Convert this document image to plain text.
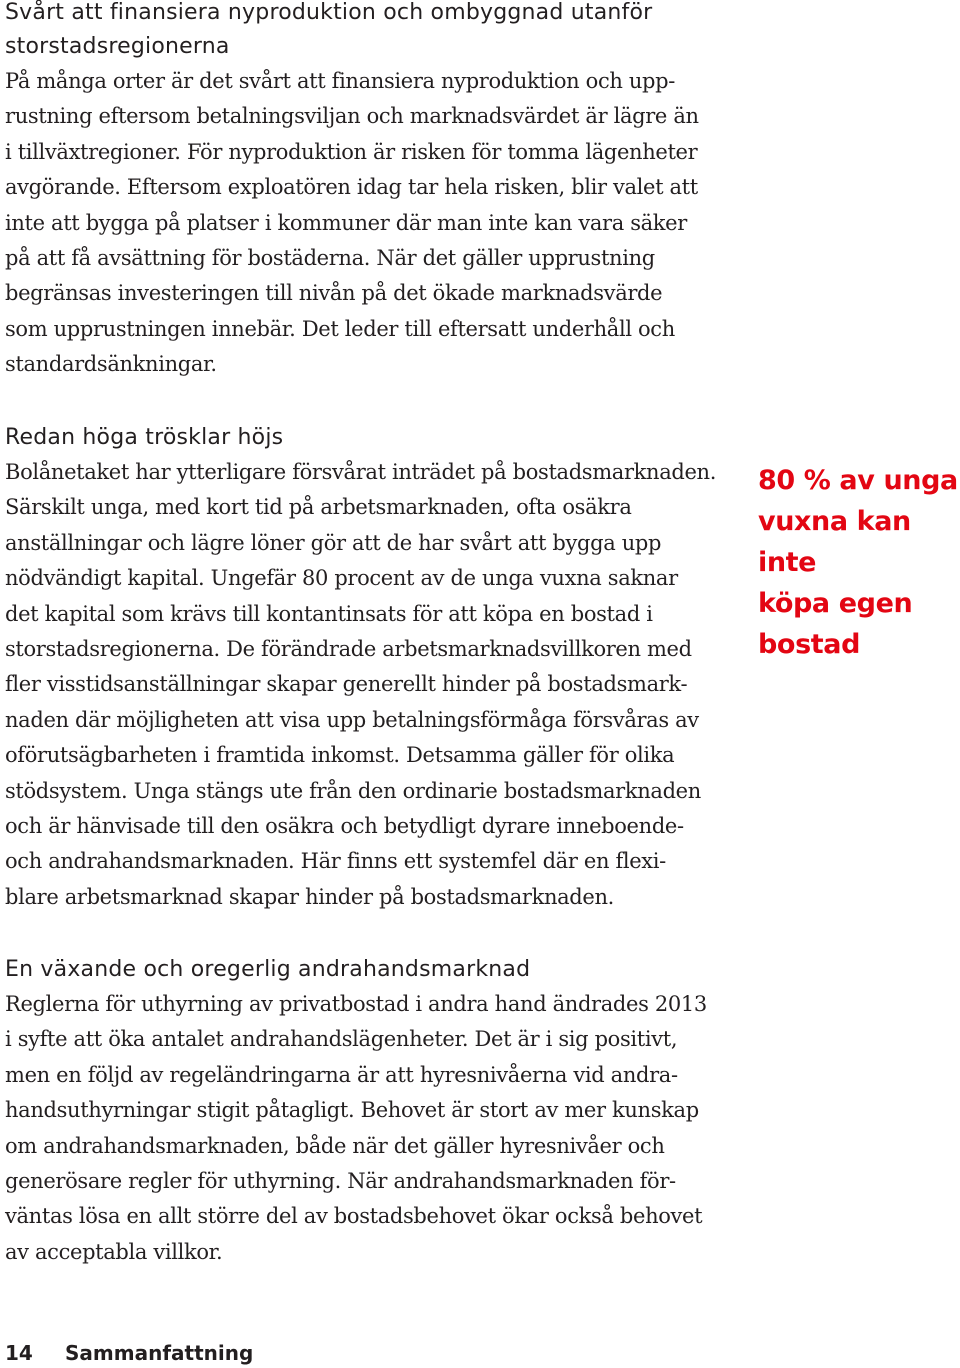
Svårt att finansiera nyproduktion och ombyggnad utanför
storstadsregionerna

På många orter är det svårt att finansiera nyproduktion och upp-
rustning eftersom betalningsviljan och marknadsvärdet är lägre än
i tillväxtregioner. För nyproduktion är risken för tomma lägenheter
avgörande. Eftersom exploatören idag tar hela risken, blir valet att
inte att bygga på platser i kommuner där man inte kan vara säker
på att få avsättning för bostäderna. När det gäller upprustning
begränsas investeringen till nivån på det ökade marknadsvärde
som upprustningen innebär. Det leder till eftersatt underhåll och
standardsänkningar.

Redan höga trösklar höjs

Bolånetaket har ytterligare försvårat inträdet på bostadsmarknaden.
Särskilt unga, med kort tid på arbetsmarknaden, ofta osäkra
anställningar och lägre löner gör att de har svårt att bygga upp
nödvändigt kapital. Ungefär 80 procent av de unga vuxna saknar
det kapital som krävs till kontantinsats för att köpa en bostad i
storstadsregionerna. De förändrade arbetsmarknadsvillkoren med
fler visstidsanställningar skapar generellt hinder på bostadsmark-
naden där möjligheten att visa upp betalningsförmåga försvåras av
oförutsägbarheten i framtida inkomst. Detsamma gäller för olika
stödsystem. Unga stängs ute från den ordinarie bostadsmarknaden
och är hänvisade till den osäkra och betydligt dyrare inneboende-
och andrahandsmarknaden. Här finns ett systemfel där en flexi-
blare arbetsmarknad skapar hinder på bostadsmarknaden.

80 % av unga
vuxna kan inte
köpa egen
bostad
En växande och oregerlig andrahandsmarknad

Reglerna för uthyrning av privatbostad i andra hand ändrades 2013
i syfte att öka antalet andrahandslägenheter. Det är i sig positivt,
men en följd av regeländringarna är att hyresnivåerna vid andra-
handsuthyrningar stigit påtagligt. Behovet är stort av mer kunskap
om andrahandsmarknaden, både när det gäller hyresnivåer och
generösare regler för uthyrning. När andrahandsmarknaden för-
väntas lösa en allt större del av bostadsbehovet ökar också behovet
av acceptabla villkor.

14 Sammanfattning
